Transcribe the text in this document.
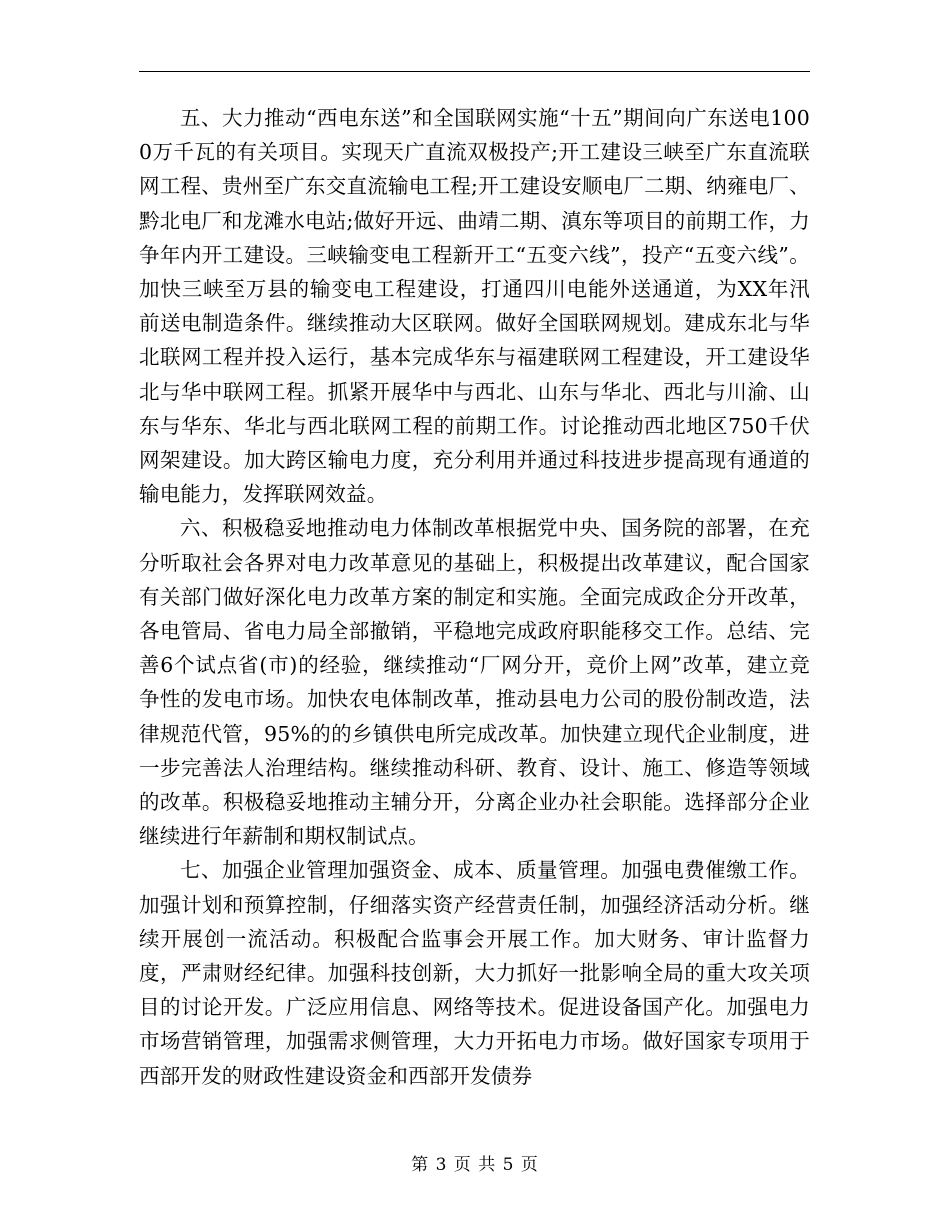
五、大力推动“西电东送”和全国联网实施“十五”期间向广东送电1000万千瓦的有关项目。实现天广直流双极投产;开工建设三峡至广东直流联网工程、贵州至广东交直流输电工程;开工建设安顺电厂二期、纳雍电厂、黔北电厂和龙滩水电站;做好开远、曲靖二期、滇东等项目的前期工作，力争年内开工建设。三峡输变电工程新开工“五变六线”，投产“五变六线”。加快三峡至万县的输变电工程建设，打通四川电能外送通道，为XX年汛前送电制造条件。继续推动大区联网。做好全国联网规划。建成东北与华北联网工程并投入运行，基本完成华东与福建联网工程建设，开工建设华北与华中联网工程。抓紧开展华中与西北、山东与华北、西北与川渝、山东与华东、华北与西北联网工程的前期工作。讨论推动西北地区750千伏网架建设。加大跨区输电力度，充分利用并通过科技进步提高现有通道的输电能力，发挥联网效益。

六、积极稳妥地推动电力体制改革根据党中央、国务院的部署，在充分听取社会各界对电力改革意见的基础上，积极提出改革建议，配合国家有关部门做好深化电力改革方案的制定和实施。全面完成政企分开改革，各电管局、省电力局全部撤销，平稳地完成政府职能移交工作。总结、完善6个试点省(市)的经验，继续推动“厂网分开，竞价上网”改革，建立竞争性的发电市场。加快农电体制改革，推动县电力公司的股份制改造，法律规范代管，95%的的乡镇供电所完成改革。加快建立现代企业制度，进一步完善法人治理结构。继续推动科研、教育、设计、施工、修造等领域的改革。积极稳妥地推动主辅分开，分离企业办社会职能。选择部分企业继续进行年薪制和期权制试点。

七、加强企业管理加强资金、成本、质量管理。加强电费催缴工作。加强计划和预算控制，仔细落实资产经营责任制，加强经济活动分析。继续开展创一流活动。积极配合监事会开展工作。加大财务、审计监督力度，严肃财经纪律。加强科技创新，大力抓好一批影响全局的重大攻关项目的讨论开发。广泛应用信息、网络等技术。促进设备国产化。加强电力市场营销管理，加强需求侧管理，大力开拓电力市场。做好国家专项用于西部开发的财政性建设资金和西部开发债券

第 3 页 共 5 页
